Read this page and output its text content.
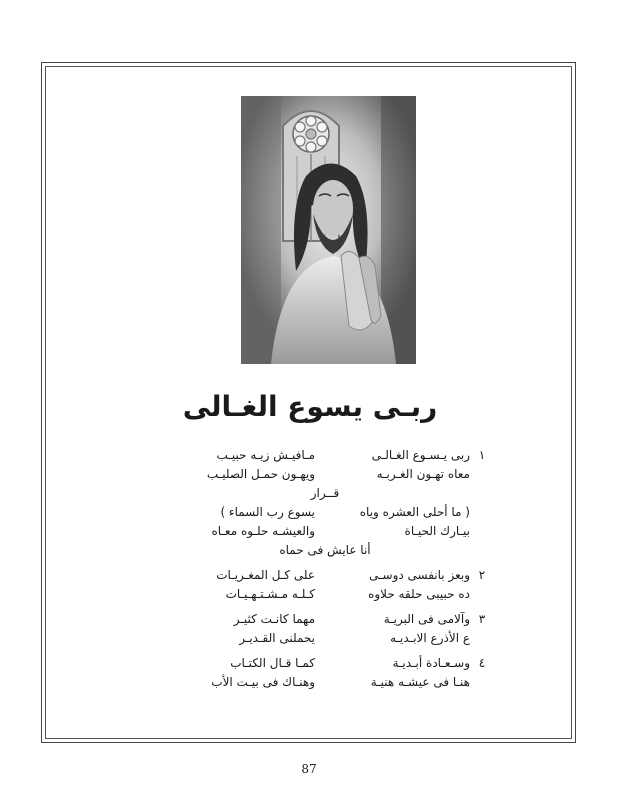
ربـى يسوع الغـالى
١
ربى يـسـوع الغـالـى
مـافيـش زيـه حبيـب
معاه تهـون الغـربـه
ويهـون حمـل الصليـب
قــرار
( ما أحلى العشره وياه
يسوع رب السماء )
بيـارك الحيـاة
والعيشـه حلـوه معـاه
أنا عايش فى حماه
٢
وبعز بانفسى دوسـى
على كـل المغـريـات
ده حبيبى حلقه حلاوه
كـلـه مـشـتـهـيـات
٣
وآلامى فى البريـة
مهما كانـت كثيـر
ع الأذرع الابـديـه
يحملنى القـديـر
٤
وسـعـادة أبـديـة
كمـا قـال الكتـاب
هنـا فى عيشـه هنيـة
وهنـاك فى بيـت الأب
87
